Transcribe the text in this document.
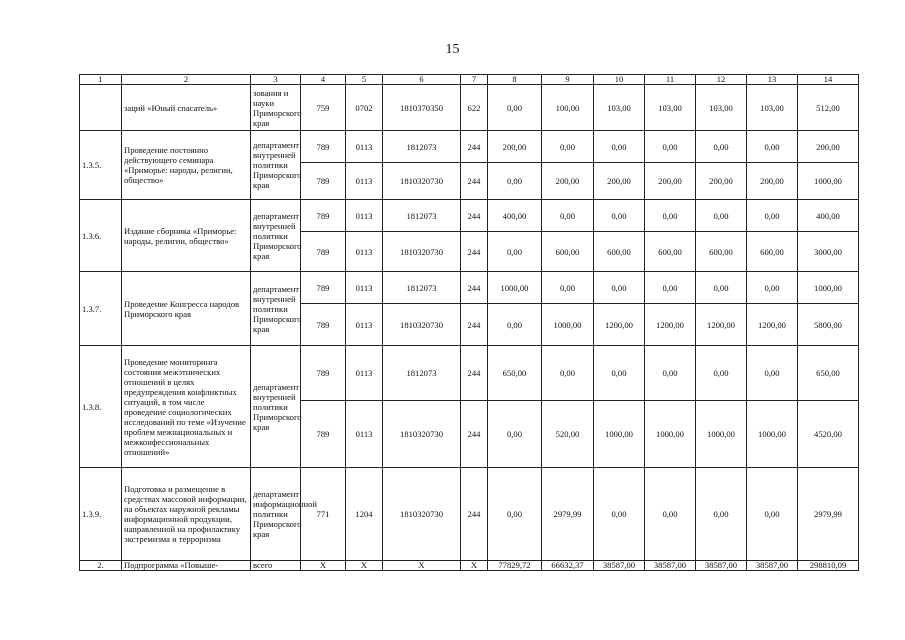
15
1	2	3	4	5	6	7	8	9	10	11	12	13	14
	заций «Юный спасатель»	зования и науки Приморского края	759	0702	1810370350	622	0,00	100,00	103,00	103,00	103,00	103,00	512,00
1.3.5.	Проведение постоянно действующего семинара «Приморье: народы, религии, общество»	департамент внутренней политики Приморского края	789	0113	1812073	244	200,00	0,00	0,00	0,00	0,00	0,00	200,00
			789	0113	1810320730	244	0,00	200,00	200,00	200,00	200,00	200,00	1000,00
1.3.6.	Издание сборника «Приморье: народы, религии, общество»	департамент внутренней политики Приморского края	789	0113	1812073	244	400,00	0,00	0,00	0,00	0,00	0,00	400,00
			789	0113	1810320730	244	0,00	600,00	600,00	600,00	600,00	600,00	3000,00
1.3.7.	Проведение Конгресса народов Приморского края	департамент внутренней политики Приморского края	789	0113	1812073	244	1000,00	0,00	0,00	0,00	0,00	0,00	1000,00
			789	0113	1810320730	244	0,00	1000,00	1200,00	1200,00	1200,00	1200,00	5800,00
1.3.8.	Проведение мониторинга состояния межэтнических отношений в целях предупреждения конфликтных ситуаций, в том числе проведение социологических исследований по теме «Изучение проблем межнациональных и межконфессиональных отношений»	департамент внутренней политики Приморского края	789	0113	1812073	244	650,00	0,00	0,00	0,00	0,00	0,00	650,00
			789	0113	1810320730	244	0,00	520,00	1000,00	1000,00	1000,00	1000,00	4520,00
1.3.9.	Подготовка и размещение в средствах массовой информации, на объектах наружной рекламы информационной продукции, направленной на профилактику экстремизма и терроризма	департамент информационной политики Приморского края	771	1204	1810320730	244	0,00	2979,99	0,00	0,00	0,00	0,00	2979,99
2.	Подпрограмма «Повыше-	всего	X	X	X	X	77829,72	66632,37	38587,00	38587,00	38587,00	38587,00	298810,09
